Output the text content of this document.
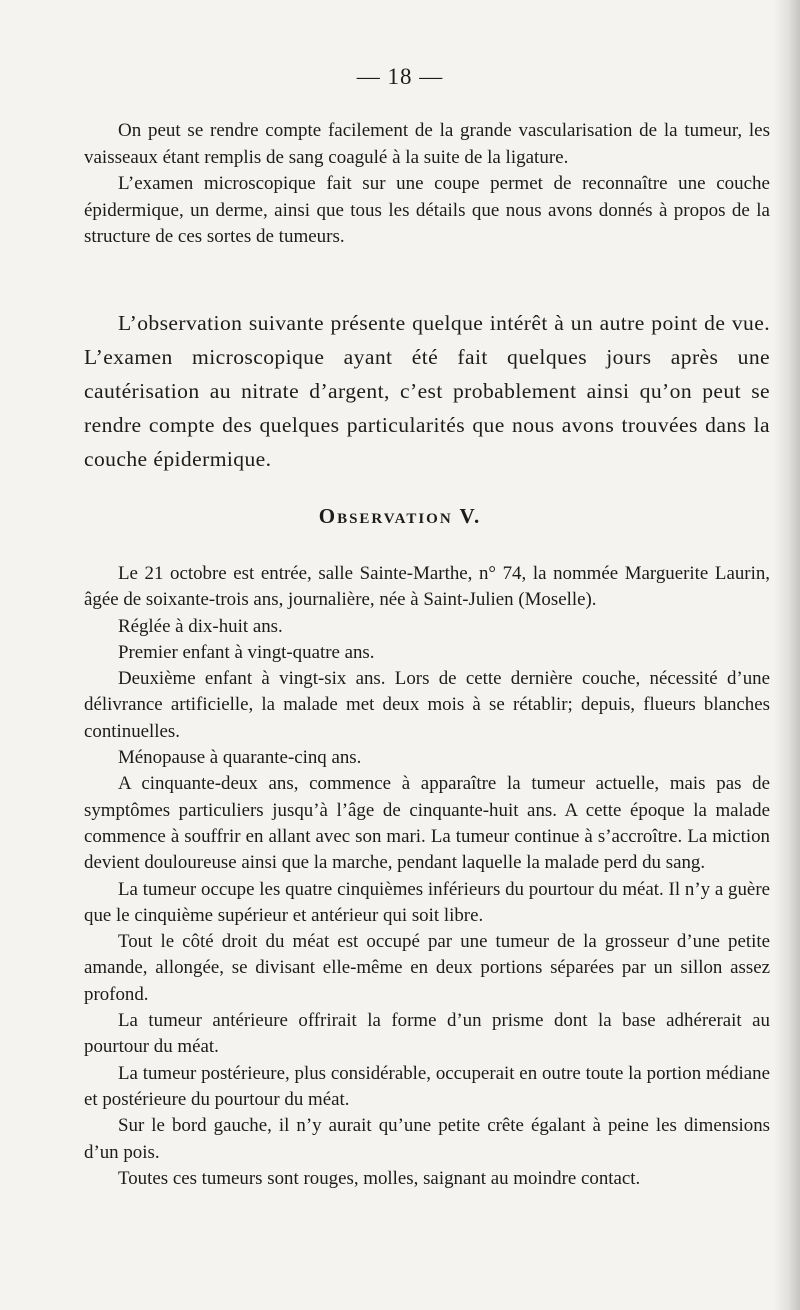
— 18 —

On peut se rendre compte facilement de la grande vascularisation de la tumeur, les vaisseaux étant remplis de sang coagulé à la suite de la ligature.

L’examen microscopique fait sur une coupe permet de reconnaître une couche épidermique, un derme, ainsi que tous les détails que nous avons donnés à propos de la structure de ces sortes de tumeurs.

L’observation suivante présente quelque intérêt à un autre point de vue. L’examen microscopique ayant été fait quelques jours après une cautérisation au nitrate d’argent, c’est probablement ainsi qu’on peut se rendre compte des quelques particularités que nous avons trouvées dans la couche épidermique.

Observation V.

Le 21 octobre est entrée, salle Sainte-Marthe, n° 74, la nommée Marguerite Laurin, âgée de soixante-trois ans, journalière, née à Saint-Julien (Moselle).

Réglée à dix-huit ans.

Premier enfant à vingt-quatre ans.

Deuxième enfant à vingt-six ans. Lors de cette dernière couche, nécessité d’une délivrance artificielle, la malade met deux mois à se rétablir; depuis, flueurs blanches continuelles.

Ménopause à quarante-cinq ans.

A cinquante-deux ans, commence à apparaître la tumeur actuelle, mais pas de symptômes particuliers jusqu’à l’âge de cinquante-huit ans. A cette époque la malade commence à souffrir en allant avec son mari. La tumeur continue à s’accroître. La miction devient douloureuse ainsi que la marche, pendant laquelle la malade perd du sang.

La tumeur occupe les quatre cinquièmes inférieurs du pourtour du méat. Il n’y a guère que le cinquième supérieur et antérieur qui soit libre.

Tout le côté droit du méat est occupé par une tumeur de la grosseur d’une petite amande, allongée, se divisant elle-même en deux portions séparées par un sillon assez profond.

La tumeur antérieure offrirait la forme d’un prisme dont la base adhérerait au pourtour du méat.

La tumeur postérieure, plus considérable, occuperait en outre toute la portion médiane et postérieure du pourtour du méat.

Sur le bord gauche, il n’y aurait qu’une petite crête égalant à peine les dimensions d’un pois.

Toutes ces tumeurs sont rouges, molles, saignant au moindre contact.
